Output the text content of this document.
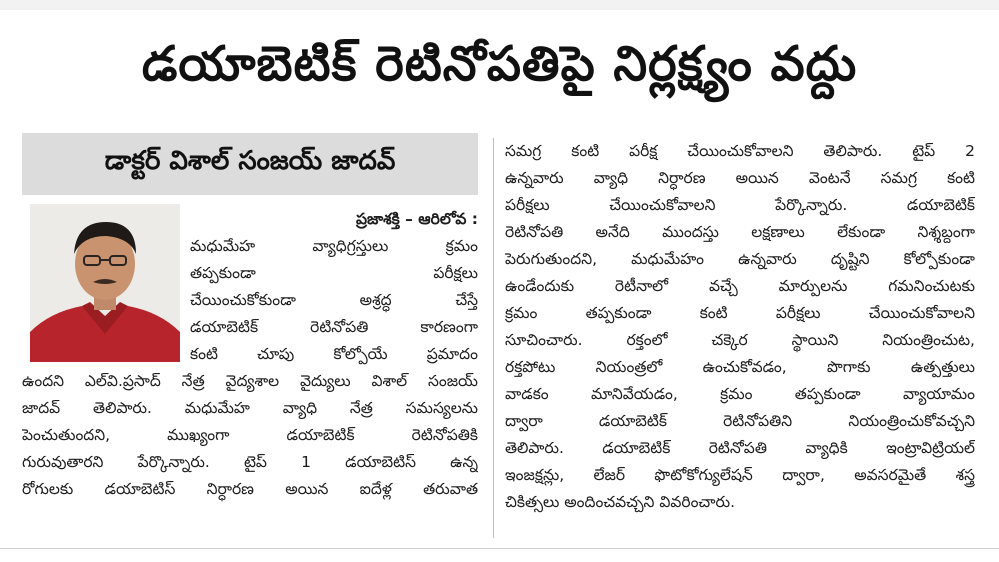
డయాబెటిక్ రెటినోపతిపై నిర్లక్ష్యం వద్దు
డాక్టర్ విశాల్ సంజయ్ జాదవ్
ప్రజాశక్తి – ఆరిలోవ :
మధుమేహ వ్యాధిగ్రస్తులు క్రమం
తప్పకుండా పరీక్షలు
చేయించుకోకుండా అశ్రద్ధ చేస్తే
డయాబెటిక్ రెటినోపతి కారణంగా
కంటి చూపు కోల్పోయే ప్రమాదం
ఉందని ఎల్‌వి.ప్రసాద్ నేత్ర వైద్యశాల వైద్యులు విశాల్ సంజయ్
జాదవ్ తెలిపారు. మధుమేహ వ్యాధి నేత్ర సమస్యలను
పెంచుతుందని, ముఖ్యంగా డయాబెటిక్ రెటినోపతికి
గురువుతారని పేర్కొన్నారు. టైప్ 1 డయాబెటిస్ ఉన్న
రోగులకు డయాబెటిస్ నిర్ధారణ అయిన ఐదేళ్ల తరువాత
సమగ్ర కంటి పరీక్ష చేయించుకోవాలని తెలిపారు. టైప్ 2
ఉన్నవారు వ్యాధి నిర్ధారణ అయిన వెంటనే సమగ్ర కంటి
పరీక్షలు చేయించుకోవాలని పేర్కొన్నారు. డయాబెటిక్
రెటినోపతి అనేది ముందస్తు లక్షణాలు లేకుండా నిశ్శబ్దంగా
పెరుగుతుందని, మధుమేహం ఉన్నవారు దృష్టిని కోల్పోకుండా
ఉండేందుకు రెటీనాలో వచ్చే మార్పులను గమనించుటకు
క్రమం తప్పకుండా కంటి పరీక్షలు చేయించుకోవాలని
సూచించారు. రక్తంలో చక్కెర స్థాయిని నియంత్రించుట,
రక్తపోటు నియంత్రలో ఉంచుకోవడం, పొగాకు ఉత్పత్తులు
వాడకం మానివేయడం, క్రమం తప్పకుండా వ్యాయామం
ద్వారా డయాబెటిక్ రెటినోపతిని నియంత్రించుకోవచ్చని
తెలిపారు. డయాబెటిక్ రెటినోపతి వ్యాధికి ఇంట్రావిట్రియల్
ఇంజక్షన్లు, లేజర్ ఫొటోకోగ్యులేషన్ ద్వారా, అవసరమైతే శస్త్ర
చికిత్సలు అందించవచ్చని వివరించారు.
